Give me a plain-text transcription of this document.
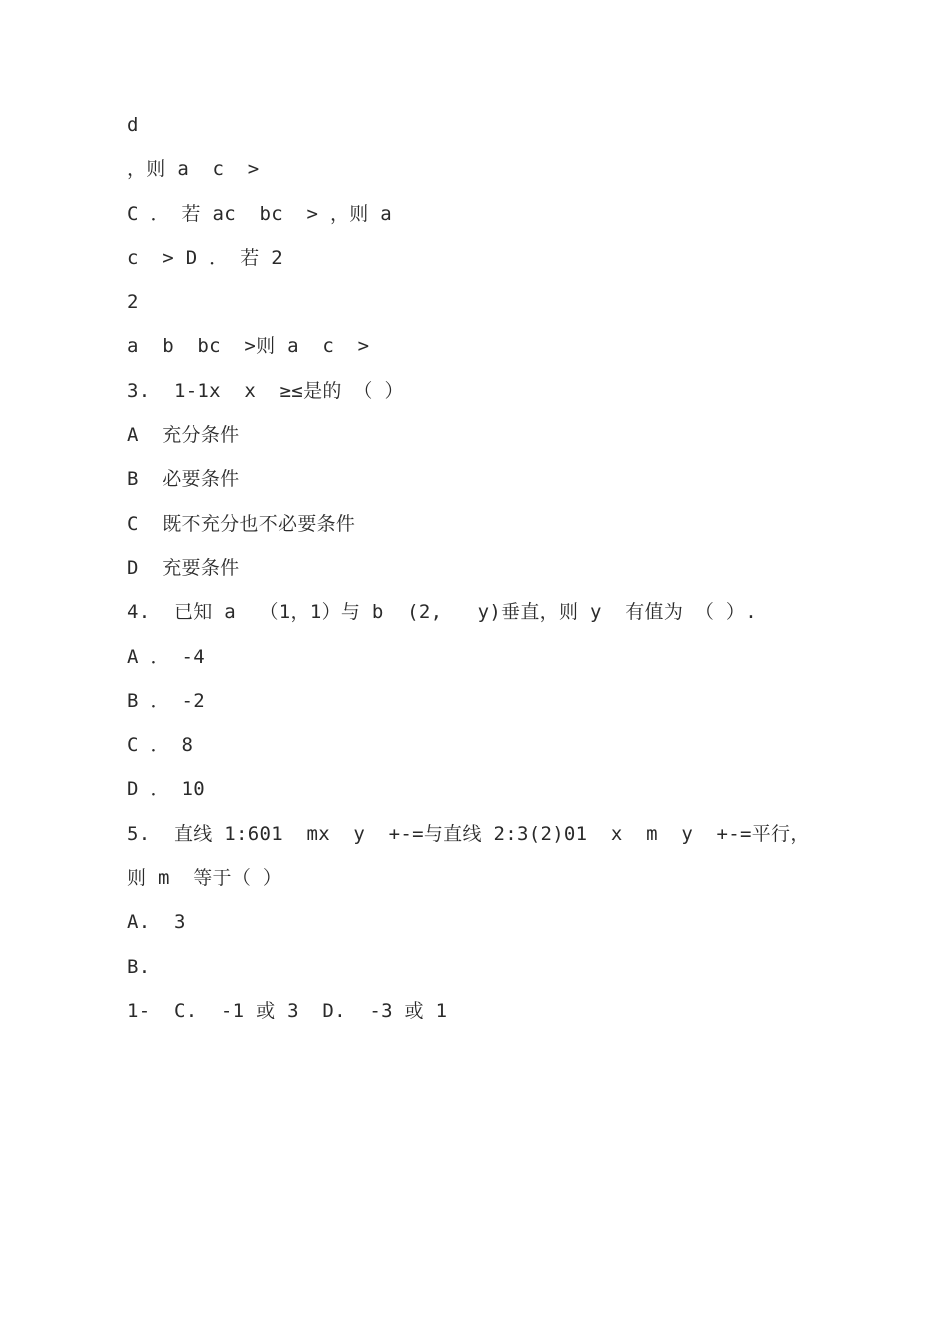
d
，则 a  c  >
C ． 若 ac  bc  > ，则 a
c  > D ． 若 2
2
a  b  bc  >则 a  c  >
3.  1-1x  x  ≥≤是的 （ ）
A  充分条件
B  必要条件
C  既不充分也不必要条件
D  充要条件
4.  已知 a  （1，1）与 b  (2,   y)垂直，则 y  有值为 （ ）.
A ． -4
B ． -2
C ． 8
D ． 10
5.  直线 1:601  mx  y  +-=与直线 2:3(2)01  x  m  y  +-=平行，
则 m  等于（ ）
A.  3
B.
1-  C.  -1 或 3  D.  -3 或 1
